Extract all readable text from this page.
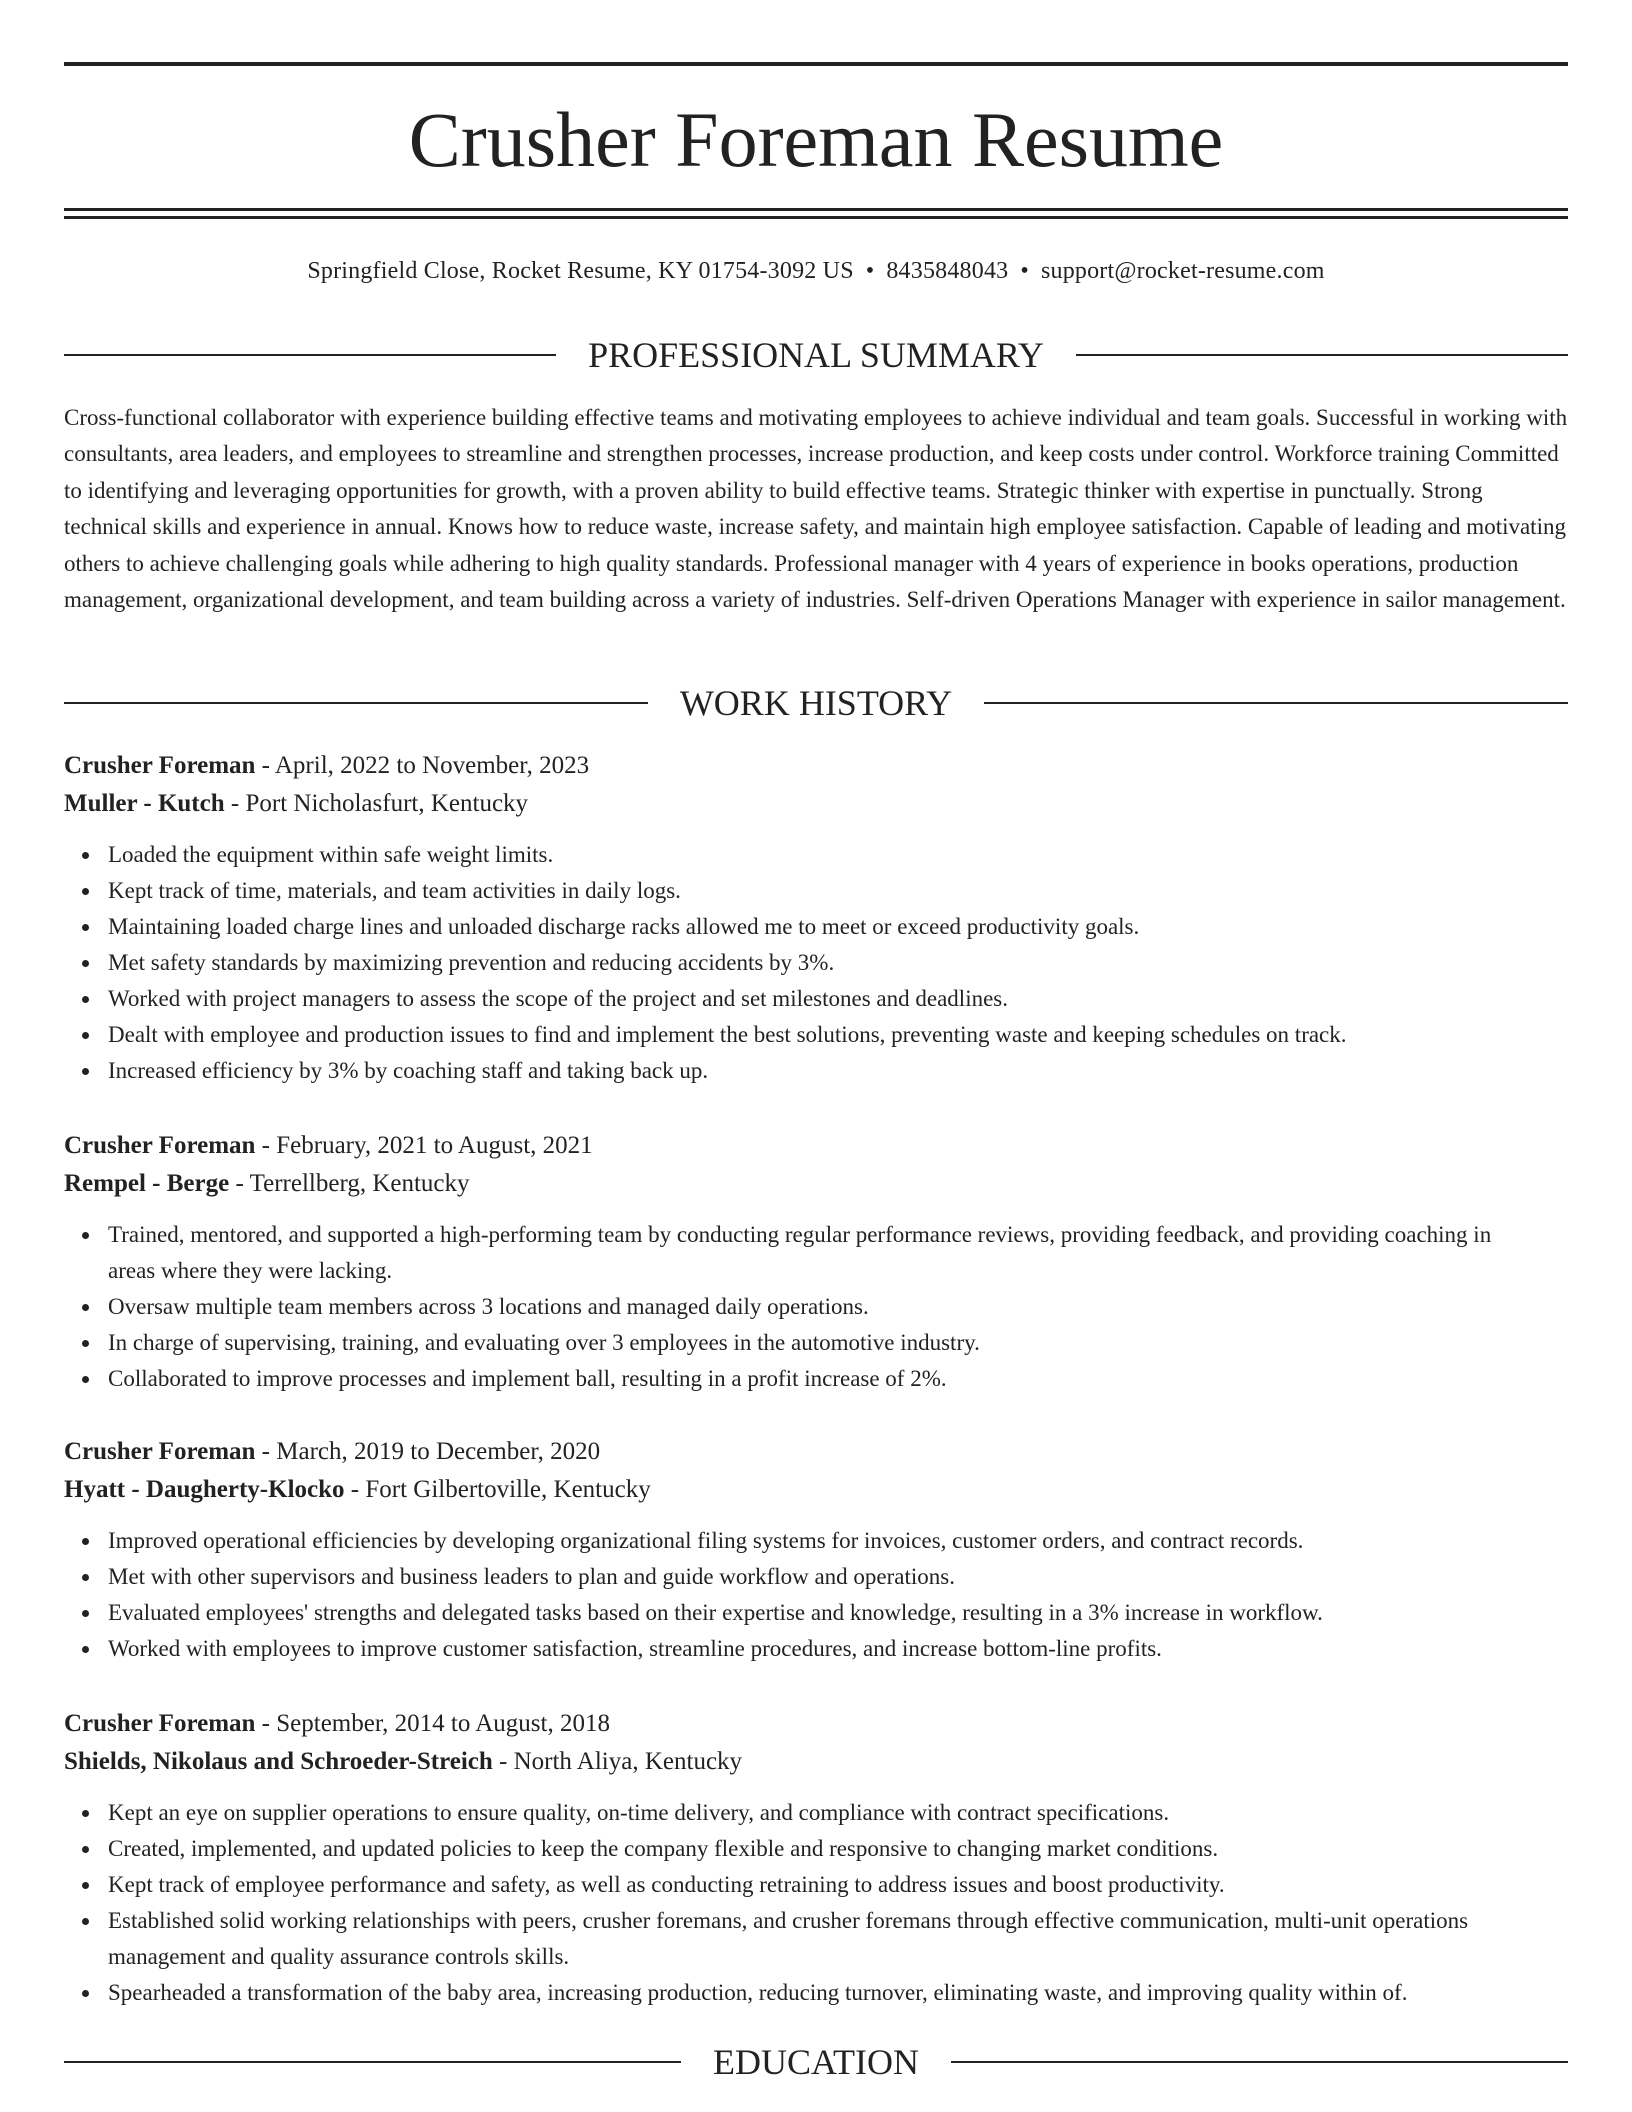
Crusher Foreman Resume
Springfield Close, Rocket Resume, KY 01754-3092 US • 8435848043 • support@rocket-resume.com
PROFESSIONAL SUMMARY
Cross-functional collaborator with experience building effective teams and motivating employees to achieve individual and team goals. Successful in working with consultants, area leaders, and employees to streamline and strengthen processes, increase production, and keep costs under control. Workforce training Committed to identifying and leveraging opportunities for growth, with a proven ability to build effective teams. Strategic thinker with expertise in punctually. Strong technical skills and experience in annual. Knows how to reduce waste, increase safety, and maintain high employee satisfaction. Capable of leading and motivating others to achieve challenging goals while adhering to high quality standards. Professional manager with 4 years of experience in books operations, production management, organizational development, and team building across a variety of industries. Self-driven Operations Manager with experience in sailor management.
WORK HISTORY
Crusher Foreman - April, 2022 to November, 2023
Muller - Kutch - Port Nicholasfurt, Kentucky
Loaded the equipment within safe weight limits.
Kept track of time, materials, and team activities in daily logs.
Maintaining loaded charge lines and unloaded discharge racks allowed me to meet or exceed productivity goals.
Met safety standards by maximizing prevention and reducing accidents by 3%.
Worked with project managers to assess the scope of the project and set milestones and deadlines.
Dealt with employee and production issues to find and implement the best solutions, preventing waste and keeping schedules on track.
Increased efficiency by 3% by coaching staff and taking back up.
Crusher Foreman - February, 2021 to August, 2021
Rempel - Berge - Terrellberg, Kentucky
Trained, mentored, and supported a high-performing team by conducting regular performance reviews, providing feedback, and providing coaching in areas where they were lacking.
Oversaw multiple team members across 3 locations and managed daily operations.
In charge of supervising, training, and evaluating over 3 employees in the automotive industry.
Collaborated to improve processes and implement ball, resulting in a profit increase of 2%.
Crusher Foreman - March, 2019 to December, 2020
Hyatt - Daugherty-Klocko - Fort Gilbertoville, Kentucky
Improved operational efficiencies by developing organizational filing systems for invoices, customer orders, and contract records.
Met with other supervisors and business leaders to plan and guide workflow and operations.
Evaluated employees' strengths and delegated tasks based on their expertise and knowledge, resulting in a 3% increase in workflow.
Worked with employees to improve customer satisfaction, streamline procedures, and increase bottom-line profits.
Crusher Foreman - September, 2014 to August, 2018
Shields, Nikolaus and Schroeder-Streich - North Aliya, Kentucky
Kept an eye on supplier operations to ensure quality, on-time delivery, and compliance with contract specifications.
Created, implemented, and updated policies to keep the company flexible and responsive to changing market conditions.
Kept track of employee performance and safety, as well as conducting retraining to address issues and boost productivity.
Established solid working relationships with peers, crusher foremans, and crusher foremans through effective communication, multi-unit operations management and quality assurance controls skills.
Spearheaded a transformation of the baby area, increasing production, reducing turnover, eliminating waste, and improving quality within of.
EDUCATION
